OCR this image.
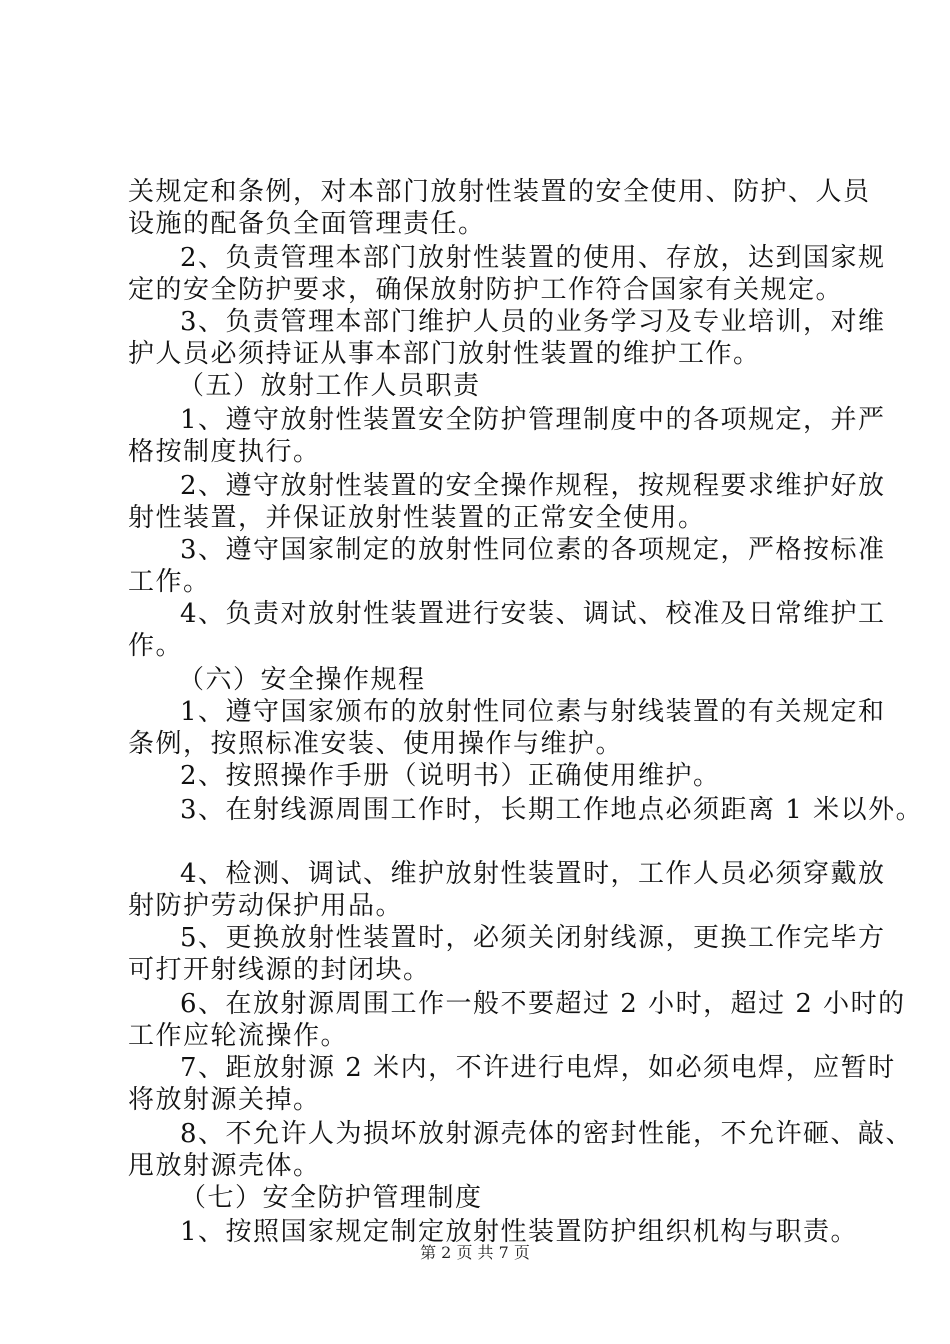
关规定和条例，对本部门放射性装置的安全使用、防护、人员
设施的配备负全面管理责任。
2、负责管理本部门放射性装置的使用、存放，达到国家规
定的安全防护要求，确保放射防护工作符合国家有关规定。
3、负责管理本部门维护人员的业务学习及专业培训，对维
护人员必须持证从事本部门放射性装置的维护工作。
（五）放射工作人员职责
1、遵守放射性装置安全防护管理制度中的各项规定，并严
格按制度执行。
2、遵守放射性装置的安全操作规程，按规程要求维护好放
射性装置，并保证放射性装置的正常安全使用。
3、遵守国家制定的放射性同位素的各项规定，严格按标准
工作。
4、负责对放射性装置进行安装、调试、校准及日常维护工
作。
（六）安全操作规程
1、遵守国家颁布的放射性同位素与射线装置的有关规定和
条例，按照标准安装、使用操作与维护。
2、按照操作手册（说明书）正确使用维护。
3、在射线源周围工作时，长期工作地点必须距离 1 米以外。
4、检测、调试、维护放射性装置时，工作人员必须穿戴放
射防护劳动保护用品。
5、更换放射性装置时，必须关闭射线源，更换工作完毕方
可打开射线源的封闭块。
6、在放射源周围工作一般不要超过 2 小时，超过 2 小时的
工作应轮流操作。
7、距放射源 2 米内，不许进行电焊，如必须电焊，应暂时
将放射源关掉。
8、不允许人为损坏放射源壳体的密封性能，不允许砸、敲、
甩放射源壳体。
（七）安全防护管理制度
1、按照国家规定制定放射性装置防护组织机构与职责。
第 2 页 共 7 页
